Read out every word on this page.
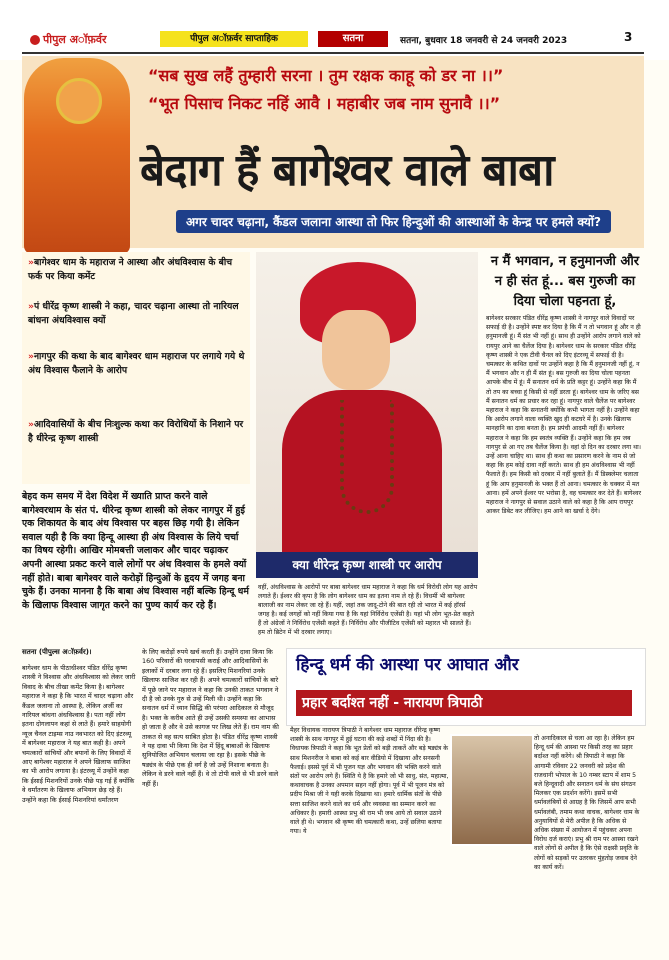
पीपुल अॉफ़र्वर	पीपुल अॉफ़र्वर साप्ताहिक	सतना	सतना, बुधवार 18 जनवरी से 24 जनवरी 2023	3
“सब सुख लहैं तुम्हारी सरना । तुम रक्षक काहू को डर ना ।।”
“भूत पिसाच निकट नहिं आवै । महाबीर जब नाम सुनावै ।।”
बेदाग हैं बागेश्वर वाले बाबा
अगर चादर चढ़ाना, कैंडल जलाना आस्था तो फिर हिन्दुओं की आस्थाओं के केन्द्र पर हमले क्यों?
»बागेश्वर धाम के महाराज ने आस्था और अंधविश्वास के बीच फर्क पर किया कमेंट
»पं धीरेंद्र कृष्ण शास्त्री ने कहा, चादर चढ़ाना आस्था तो नारियल बांधना अंधविश्वास क्यों
»नागपुर की कथा के बाद बागेश्वर धाम महाराज पर लगाये गये थे अंध विश्वास फैलाने के आरोप
»आदिवासियों के बीच निःशुल्क कथा कर विरोधियों के निशाने पर है धीरेन्द्र कृष्ण शास्त्री
बेहद कम समय में देश विदेश में ख्याति प्राप्त करने वाले बागेश्वरधाम के संत पं. धीरेन्द्र कृष्ण शास्त्री को लेकर नागपुर में हुई एक शिकायत के बाद अंध विश्वास पर बहस छिड़ गयी है। लेकिन सवाल यही है कि क्या हिन्दू आस्था ही अंध विश्वास के लिये चर्चा का विषय रहेगी। आखिर मोमबत्ती जलाकर और चादर चढ़ाकर अपनी आस्था प्रकट करने वाले लोगों पर अंध विश्वास के हमले क्यों नहीं होते। बाबा बागेश्वर वाले करोड़ों हिन्दुओं के हृदय में जगह बना चुके हैं। उनका मानना है कि बाबा अंध विश्वास नहीं बल्कि हिन्दू धर्म के खिलाफ विश्वास जागृत करने का पुण्य कार्य कर रहे हैं।
क्या धीरेन्द्र कृष्ण शास्त्री पर आरोप
वहीं, अंधविश्वास के आरोपों पर बाबा बागेश्वर धाम महाराज ने कहा कि धर्म विरोधी लोग यह आरोप लगाते हैं। ईश्वर की कृपा है कि लोग बागेश्वर धाम का इतना नाम ले रहे हैं। विधर्मी भी बागेश्वर बालाजी का नाम लेकर जा रहे हैं। यहीं, जहां तक जादू-टोने की बात रही तो भारत में कई हॉरर्स जगह है। कई जगहों को नहीं किया गया है कि यहां निर्विरोध एजेंसी है। यहां भी लोग भूत-प्रेत कहते हैं तो अंग्रेजों ने निर्विरोध एजेंसी कहते हैं। निर्विरोध और पीजीटिव एजेंसी को महारत भी सालते हैं। हम तो ब्रिटेन में भी दरबार लगाए।
न मैं भगवान, न हनुमानजी और न ही संत हूं... बस गुरुजी का दिया चोला पहनता हूं,
बागेश्वर सरकार पंडित धीरेंद्र कृष्ण शास्त्री ने नागपुर वाले विवादों पर सफाई दी है। उन्होंने स्पष्ट कर दिया है कि मैं न तो भगवान हूं और न ही हनुमानजी हूं। मैं संत भी नहीं हूं। साथ ही उन्होंने आरोप लगाने वाले को रायपुर आने का चैलेंज दिया है। बागेश्वर धाम के सरकार पंडित धीरेंद्र कृष्ण शास्त्री ने एक टीवी चैनल को दिए इंटरव्यू में सफाई दी है। चमत्कार के कथित दावों पर उन्होंने कहा है कि मैं हनुमानजी नहीं हूं, न मैं भगवान और न ही मैं संत हूं। बस गुरुजी का दिया चोला पहनता आपके बीच में हूं। मैं सनातन धर्म के प्रति कट्टर हूं। उन्होंने कहा कि मैं तो तप का बच्चा हूं किसी से नहीं डरता हूं। बागेश्वर धाम के जरिए बस मैं सनातन धर्म का प्रचार कर रहा हूं। नागपुर वाले चैलेंज पर बागेश्वर महाराज ने कहा कि सनातनी क्योंकि कभी भागता नहीं है। उन्होंने कहा कि आरोप लगाने वाला व्यक्ति खुद ही कटघरे में है। उनके खिलाफ मानहानि का दावा बनता है। हम प्रपंची आदमी नहीं हैं। बागेश्वर महाराज ने कहा कि हम स्वतंत्र व्यक्ति हैं। उन्होंने कहा कि हम जब नागपुर से आ गए तब चैलेंज किया है। वहां दो दिन का दरबार लगा था। उन्हें आना चाहिए था। साथ ही कथा का प्रसारण करने के नाम से जो कहा कि हम कोई दावा नहीं करते। साथ ही हम अंधविश्वास भी नहीं फैलाते हैं। हम किसी को दरबार में नहीं बुलाते हैं। मैं डिस्क्लेमर चलाता हूं कि आप हनुमानजी के भक्त हैं तो आना। चमत्कार के चक्कर में मत आना। हमें अपने ईश्वर पर भरोसा है, वह चमत्कार कर देते हैं। बागेश्वर महाराज ने नागपुर से सवाल उठाने वाले को कहा है कि आप रायपुर आकर डिबेट कर लीजिए। हम आने का खर्चा दे देंगे।
सतना (पीपुल्स अॉफ़र्वर)।
बागेश्वर धाम के पीठाधीश्वर पंडित धीरेंद्र कृष्ण शास्त्री ने विश्वास और अंधविश्वास को लेकर जारी विवाद के बीच तीखा कमेंट किया है। बागेश्वर महाराज ने कहा है कि भारत में चादर चढ़ाना और कैंडल जलाना तो आस्था है, लेकिन अर्जी का नारियल बांधना अंधविश्वास है। पता नहीं लोग इतना दोगलापन कहां से लाते हैं। हमारे साहयोगी न्यूज चैनल टाइम्स नाउ नवभारत को दिए इंटरव्यू में बागेश्वर महाराज ने यह बात कही है। अपने चमत्कारों सांचियों और बयानों के लिए विवादों में आए बागेश्वर महाराज ने अपने खिलाफ साजिश का भी आरोप लगाया है। इंटरव्यू में उन्होंने कहा कि ईसाई मिशनरियों उनके पीछे पड़ गई हैं क्योंकि वे धर्मांतरण के खिलाफ अभियान छेड़ रहे हैं। उन्होंने कहा कि ईसाई मिशनरियां धर्मांतरण
के लिए करोड़ों रुपये खर्च करती हैं। उन्होंने दावा किया कि 160 परिवारों की घरवापसी कराई और आदिवासियों के इलाकों में दरबार लगा रहे हैं। इसलिए मिशनरियां उनके खिलाफ साजिश कर रही हैं। अपने चमत्कारों सांचियों के बारे में पूछे जाने पर महाराज ने कहा कि उनकी ताकत भगवान ने दी है जो उनके गुरु से उन्हें मिली थी। उन्होंने कहा कि सनातन धर्म में ध्यान सिद्धि की परंपरा आदिकाल से मौजूद है। भक्त के करीब आते ही उन्हें उसकी समस्या का आभास हो जाता है और वे उसे कागज पर लिख लेते हैं। राम नाम की ताकत से वह सत्य साबित होता है। पंडित धीरेंद्र कृष्ण शास्त्री ने यह दावा भी किया कि देश में हिंदू बाबाओं के खिलाफ सुनियोजित अभियान चलाया जा रहा है। इसके पीछे के षड्यंत्र के पीछे एक ही वर्ग है जो उन्हें निशाना बनाता है। लेकिन वे डरने वाले नहीं हैं। वे तो टोपी वाले से भी डरने वाले नहीं हैं।
हिन्दू धर्म की आस्था पर आघात और
प्रहार बर्दाश्त नहीं - नारायण त्रिपाठी
मैहर विधायक नारायण त्रिपाठी ने बागेश्वर धाम महाराज धीरेन्द्र कृष्ण शास्त्री के साथ नागपुर में हुई घटना की कड़े शब्दों में निंदा की है। विधायक त्रिपाठी ने कहा कि भूत प्रेतों को बड़ी ताकतें और बड़े षड्यंत्र के साथ मिशनरीज ने बाबा को कई बार वीडियो में दिखाया और सनसनी फैलाई। इससे पूर्व में भी पूजन यज्ञ और भगवान की भक्ति करने वाले संतों पर आरोप लगे हैं। स्थिति ये है कि हमारे जो भी साधु, संत, महात्मा, कथावाचक है उनका अपमान सहन नहीं होगा। पूर्व में भी पूजन मंत्र को प्रदीप मिश्रा जी ने यही करके दिखाया था। हमारे धार्मिक संतों के पीछे सत्ता साजिश करने वाले का धर्म और व्यवस्था का सम्मान करने का अधिकार है। हमारी आस्था प्रभु श्री राम भी जब आये तो सवाल उठाने वाले ही थे। भगवान श्री कृष्ण की चमत्कारी कथा, उन्हें छलिया बताया गया। ये
तो अनादिकाल से चला आ रहा है। लेकिन हम हिन्दू धर्म की आस्था पर किसी तरह का प्रहार बर्दाश्त नहीं करेंगे। श्री त्रिपाठी ने कहा कि आगामी रविवार 22 जनवरी को प्रदेश की राजधानी भोपाल के 10 नम्बर स्टाप में शाम 5 बजे हिन्दूवादी और सनातन धर्म के संघ संगठन मिलकर एक प्रदर्शन करेंगे। इसमें सभी धर्मावलंबियों से आग्रह है कि जिसमें आप सभी धर्मावलंबी, तमाम कथा वाचक, बागेश्वर धाम के अनुयायियों से मेरी अपील है कि अधिक से अधिक संख्या में आयोजन में पहुंचकर अपना विरोध दर्ज कराएं। प्रभु श्री राम पर आस्था रखने वाले लोगों से अपील है कि ऐसे राक्षसी प्रवृति के लोगों को सड़कों पर उतरकर मुंहतोड़ जवाब देने का कार्य करें।
